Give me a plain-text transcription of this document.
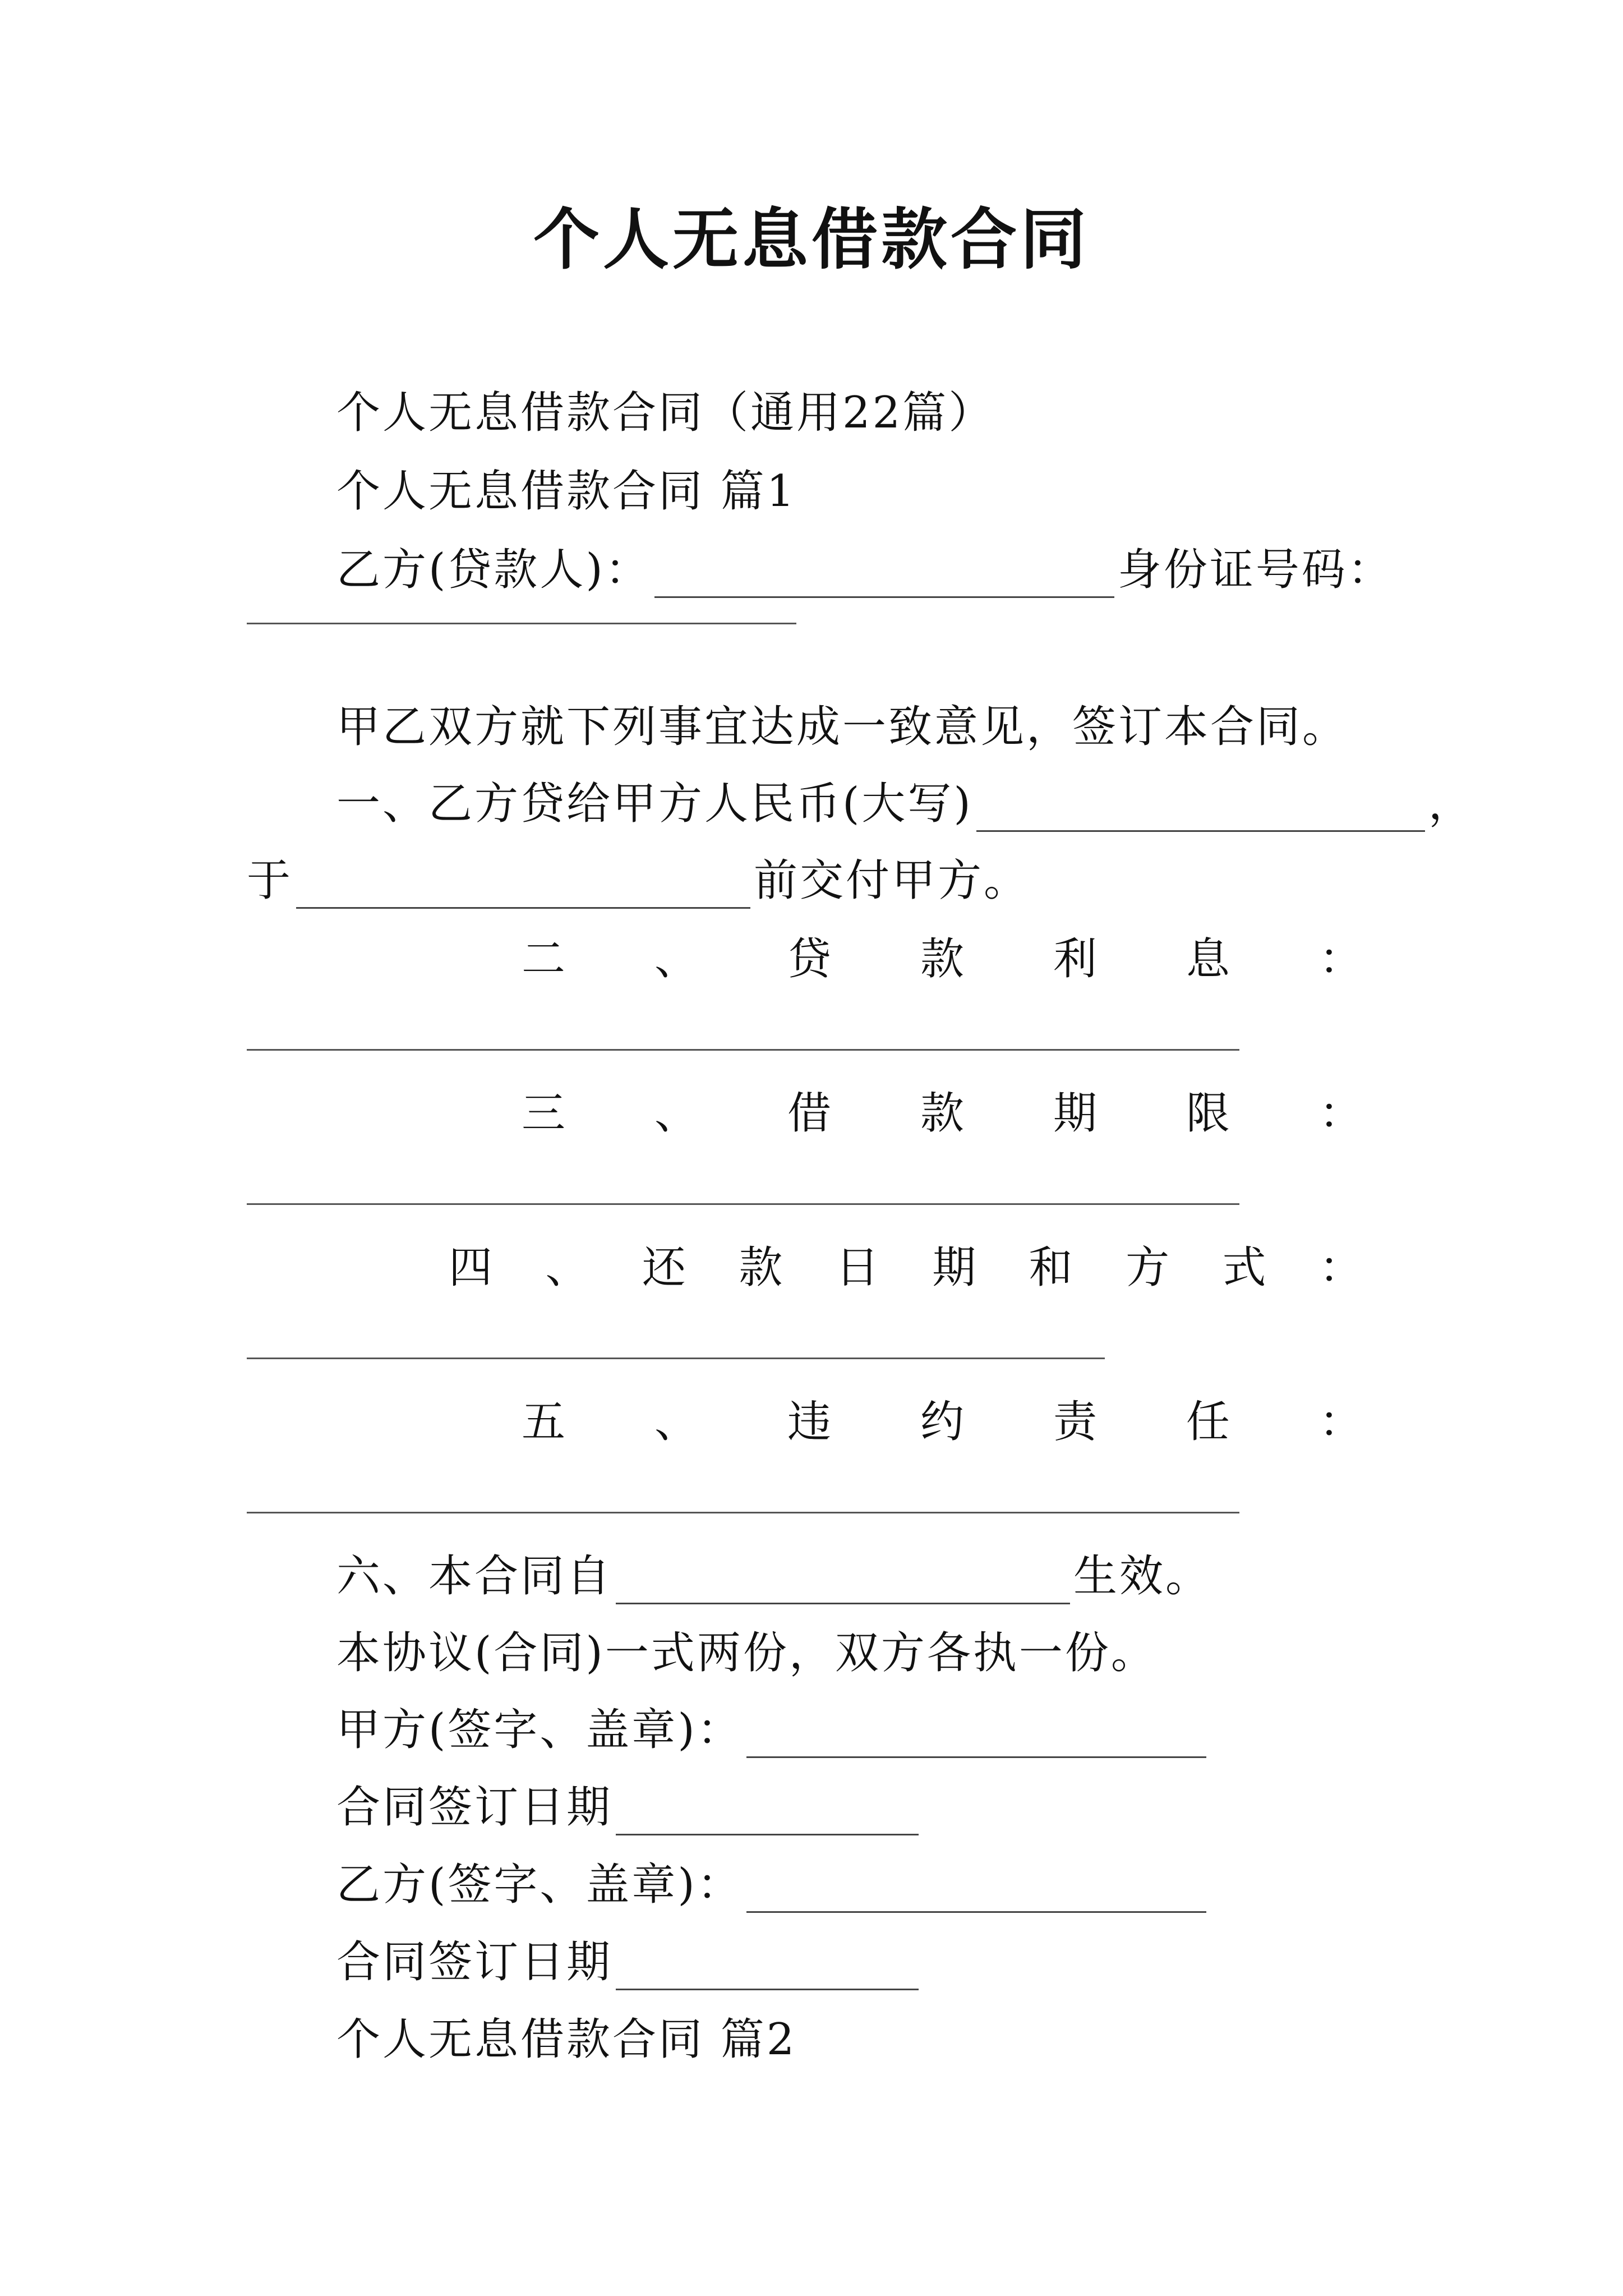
个人无息借款合同
个人无息借款合同（通用22篇）
个人无息借款合同 篇1
乙方(贷款人)：	身份证号码：
甲乙双方就下列事宜达成一致意见，签订本合同。
一、乙方贷给甲方人民币(大写)	，
于	前交付甲方。
二 、 贷 款 利 息 ：
三 、 借 款 期 限 ：
四 、 还 款 日 期 和 方 式 ：
五 、 违 约 责 任 ：
六、本合同自	生效。
本协议(合同)一式两份，双方各执一份。
甲方(签字、盖章)：
合同签订日期
乙方(签字、盖章)：
合同签订日期
个人无息借款合同 篇2
